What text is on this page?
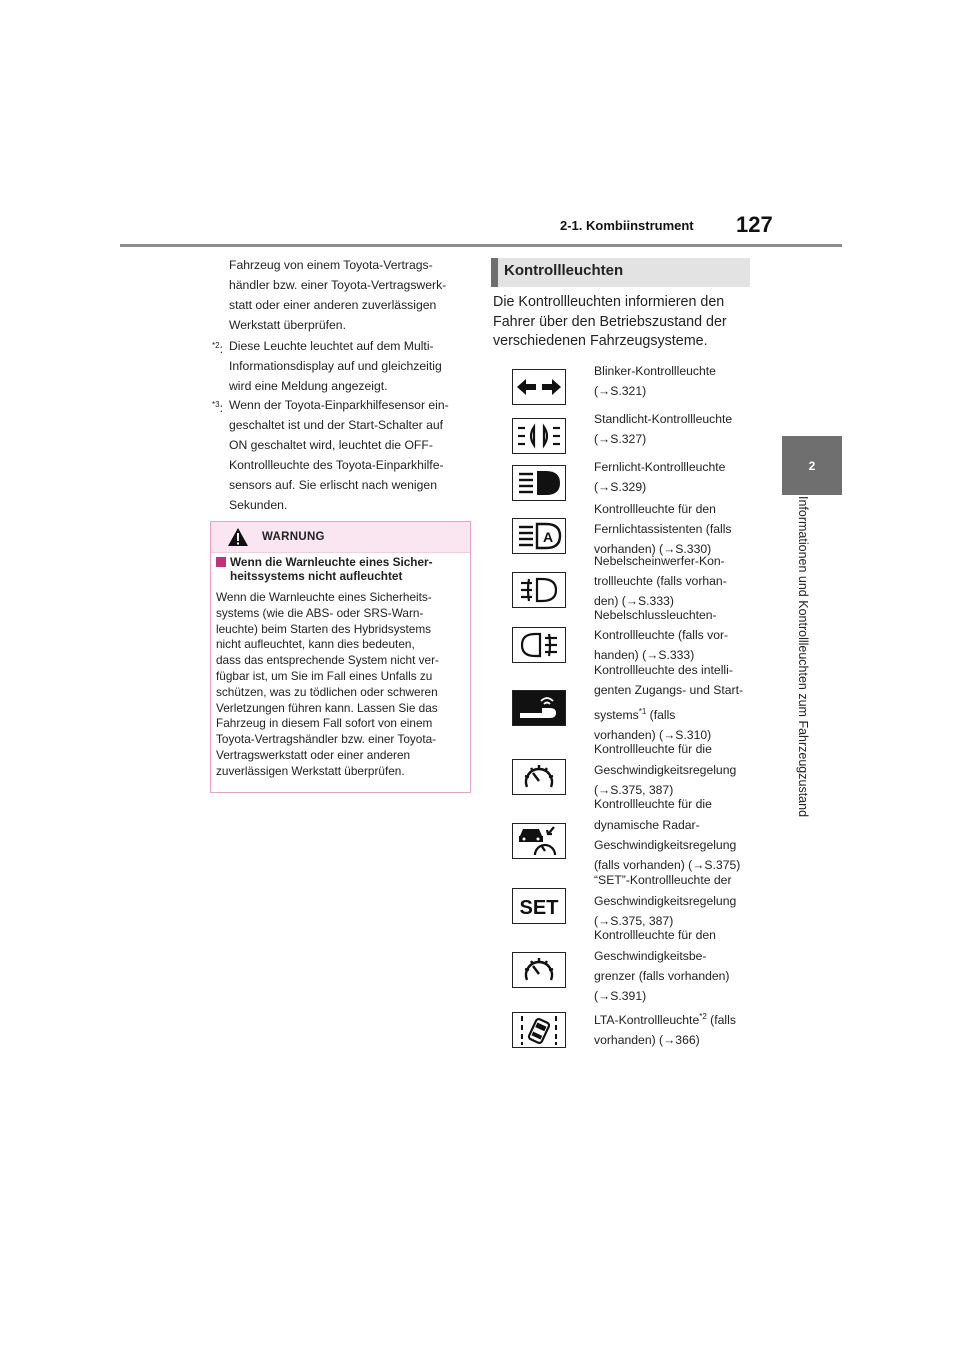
2-1. Kombiinstrument 127
2
Informationen und Kontrollleuchten zum Fahrzeugzustand
Fahrzeug von einem Toyota-Vertrags-
händler bzw. einer Toyota-Vertragswerk-
statt oder einer anderen zuverlässigen
Werkstatt überprüfen.
$^{*2}$: Diese Leuchte leuchtet auf dem Multi-
Informationsdisplay auf und gleichzeitig
wird eine Meldung angezeigt.
$^{*3}$: Wenn der Toyota-Einparkhilfesensor ein-
geschaltet ist und der Start-Schalter auf
ON geschaltet wird, leuchtet die OFF-
Kontrollleuchte des Toyota-Einparkhilfe-
sensors auf. Sie erlischt nach wenigen
Sekunden.
WARNUNG
Wenn die Warnleuchte eines Sicher-
heitssystems nicht aufleuchtet
Wenn die Warnleuchte eines Sicherheits-
systems (wie die ABS- oder SRS-Warn-
leuchte) beim Starten des Hybridsystems
nicht aufleuchtet, kann dies bedeuten,
dass das entsprechende System nicht ver-
fügbar ist, um Sie im Fall eines Unfalls zu
schützen, was zu tödlichen oder schweren
Verletzungen führen kann. Lassen Sie das
Fahrzeug in diesem Fall sofort von einem
Toyota-Vertragshändler bzw. einer Toyota-
Vertragswerkstatt oder einer anderen
zuverlässigen Werkstatt überprüfen.
Kontrollleuchten
Die Kontrollleuchten informieren den
Fahrer über den Betriebszustand der
verschiedenen Fahrzeugsysteme.
A
SET
Blinker-Kontrollleuchte
(→S.321)
Standlicht-Kontrollleuchte
(→S.327)
Fernlicht-Kontrollleuchte
(→S.329)
Kontrollleuchte für den
Fernlichtassistenten (falls
vorhanden) (→S.330)
Nebelscheinwerfer-Kon-
trollleuchte (falls vorhan-
den) (→S.333)
Nebelschlussleuchten-
Kontrollleuchte (falls vor-
handen) (→S.333)
Kontrollleuchte des intelli-
genten Zugangs- und Start-
systems$^{*1}$ (falls
vorhanden) (→S.310)
Kontrollleuchte für die
Geschwindigkeitsregelung
(→S.375, 387)
Kontrollleuchte für die
dynamische Radar-
Geschwindigkeitsregelung
(falls vorhanden) (→S.375)
“SET”-Kontrollleuchte der
Geschwindigkeitsregelung
(→S.375, 387)
Kontrollleuchte für den
Geschwindigkeitsbe-
grenzer (falls vorhanden)
(→S.391)
LTA-Kontrollleuchte$^{*2}$ (falls
vorhanden) (→366)
